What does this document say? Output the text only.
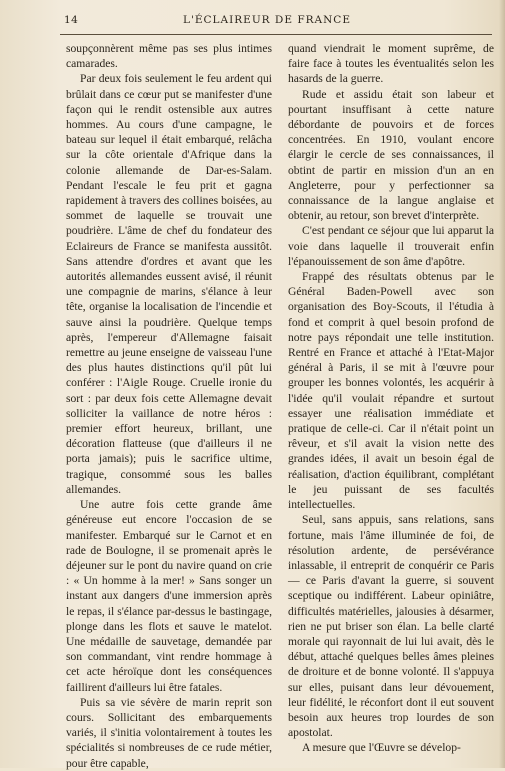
14	L'ÉCLAIREUR DE FRANCE

soupçonnèrent même pas ses plus intimes camarades.

Par deux fois seulement le feu ardent qui brûlait dans ce cœur put se manifester d'une façon qui le rendit ostensible aux autres hommes. Au cours d'une campagne, le bateau sur lequel il était embarqué, relâcha sur la côte orientale d'Afrique dans la colonie allemande de Dar-es-Salam. Pendant l'escale le feu prit et gagna rapidement à travers des collines boisées, au sommet de laquelle se trouvait une poudrière. L'âme de chef du fondateur des Eclaireurs de France se manifesta aussitôt. Sans attendre d'ordres et avant que les autorités allemandes eussent avisé, il réunit une compagnie de marins, s'élance à leur tête, organise la localisation de l'incendie et sauve ainsi la poudrière. Quelque temps après, l'empereur d'Allemagne faisait remettre au jeune enseigne de vaisseau l'une des plus hautes distinctions qu'il pût lui conférer : l'Aigle Rouge. Cruelle ironie du sort : par deux fois cette Allemagne devait solliciter la vaillance de notre héros : premier effort heureux, brillant, une décoration flatteuse (que d'ailleurs il ne porta jamais); puis le sacrifice ultime, tragique, consommé sous les balles allemandes.

Une autre fois cette grande âme généreuse eut encore l'occasion de se manifester. Embarqué sur le Carnot et en rade de Boulogne, il se promenait après le déjeuner sur le pont du navire quand on crie : « Un homme à la mer! » Sans songer un instant aux dangers d'une immersion après le repas, il s'élance par-dessus le bastingage, plonge dans les flots et sauve le matelot. Une médaille de sauvetage, demandée par son commandant, vint rendre hommage à cet acte héroïque dont les conséquences faillirent d'ailleurs lui être fatales.

Puis sa vie sévère de marin reprit son cours. Sollicitant des embarquements variés, il s'initia volontairement à toutes les spécialités si nombreuses de ce rude métier, pour être capable,

quand viendrait le moment suprême, de faire face à toutes les éventualités selon les hasards de la guerre.

Rude et assidu était son labeur et pourtant insuffisant à cette nature débordante de pouvoirs et de forces concentrées. En 1910, voulant encore élargir le cercle de ses connaissances, il obtint de partir en mission d'un an en Angleterre, pour y perfectionner sa connaissance de la langue anglaise et obtenir, au retour, son brevet d'interprète.

C'est pendant ce séjour que lui apparut la voie dans laquelle il trouverait enfin l'épanouissement de son âme d'apôtre.

Frappé des résultats obtenus par le Général Baden-Powell avec son organisation des Boy-Scouts, il l'étudia à fond et comprit à quel besoin profond de notre pays répondait une telle institution. Rentré en France et attaché à l'Etat-Major général à Paris, il se mit à l'œuvre pour grouper les bonnes volontés, les acquérir à l'idée qu'il voulait répandre et surtout essayer une réalisation immédiate et pratique de celle-ci. Car il n'était point un rêveur, et s'il avait la vision nette des grandes idées, il avait un besoin égal de réalisation, d'action équilibrant, complétant le jeu puissant de ses facultés intellectuelles.

Seul, sans appuis, sans relations, sans fortune, mais l'âme illuminée de foi, de résolution ardente, de persévérance inlassable, il entreprit de conquérir ce Paris — ce Paris d'avant la guerre, si souvent sceptique ou indifférent. Labeur opiniâtre, difficultés matérielles, jalousies à désarmer, rien ne put briser son élan. La belle clarté morale qui rayonnait de lui lui avait, dès le début, attaché quelques belles âmes pleines de droiture et de bonne volonté. Il s'appuya sur elles, puisant dans leur dévouement, leur fidélité, le réconfort dont il eut souvent besoin aux heures trop lourdes de son apostolat.

A mesure que l'Œuvre se dévelop-
